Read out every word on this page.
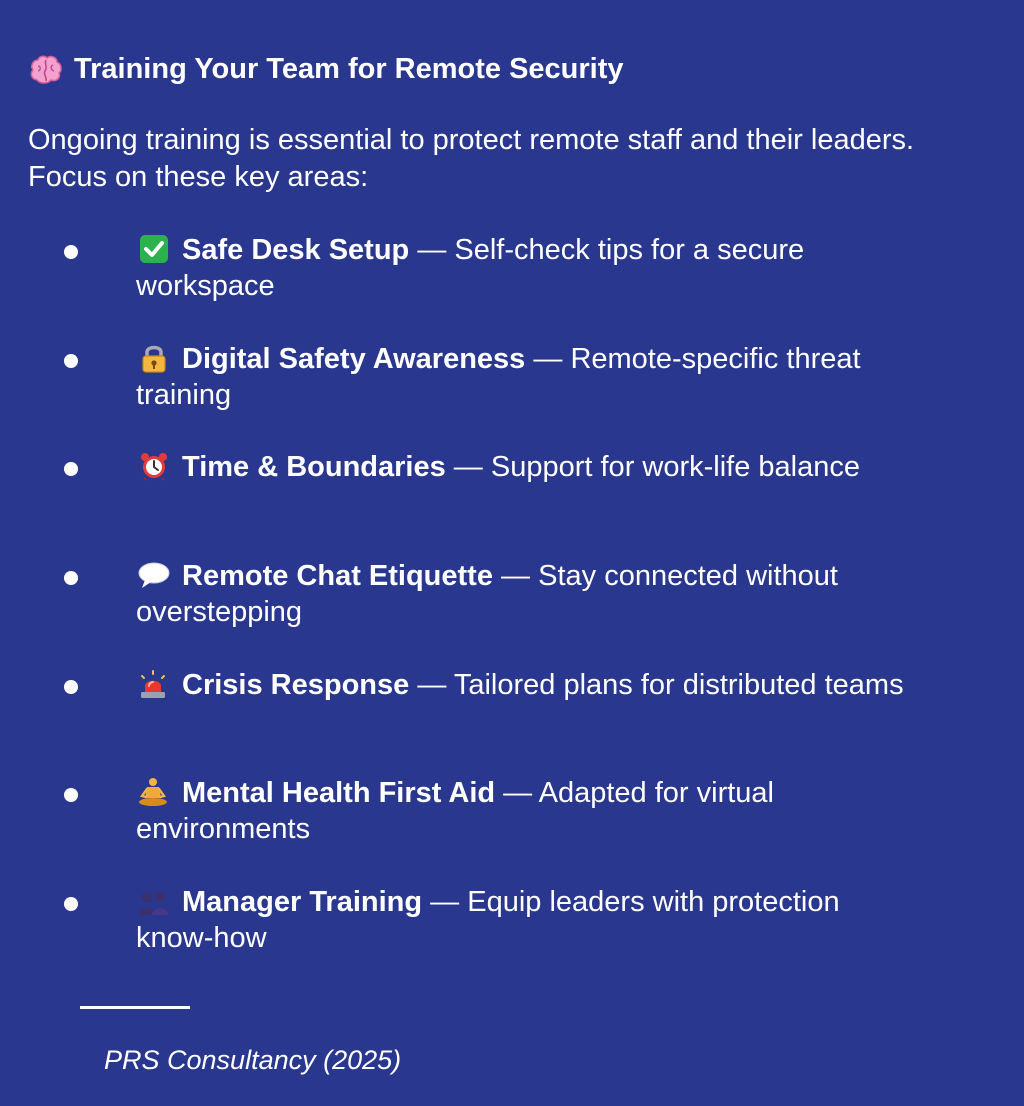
Training Your Team for Remote Security
Ongoing training is essential to protect remote staff and their leaders. Focus on these key areas:
Safe Desk Setup — Self-check tips for a secure workspace
Digital Safety Awareness — Remote-specific threat training
Time & Boundaries — Support for work-life balance
Remote Chat Etiquette — Stay connected without overstepping
Crisis Response — Tailored plans for distributed teams
Mental Health First Aid — Adapted for virtual environments
Manager Training — Equip leaders with protection know-how
PRS Consultancy (2025)
